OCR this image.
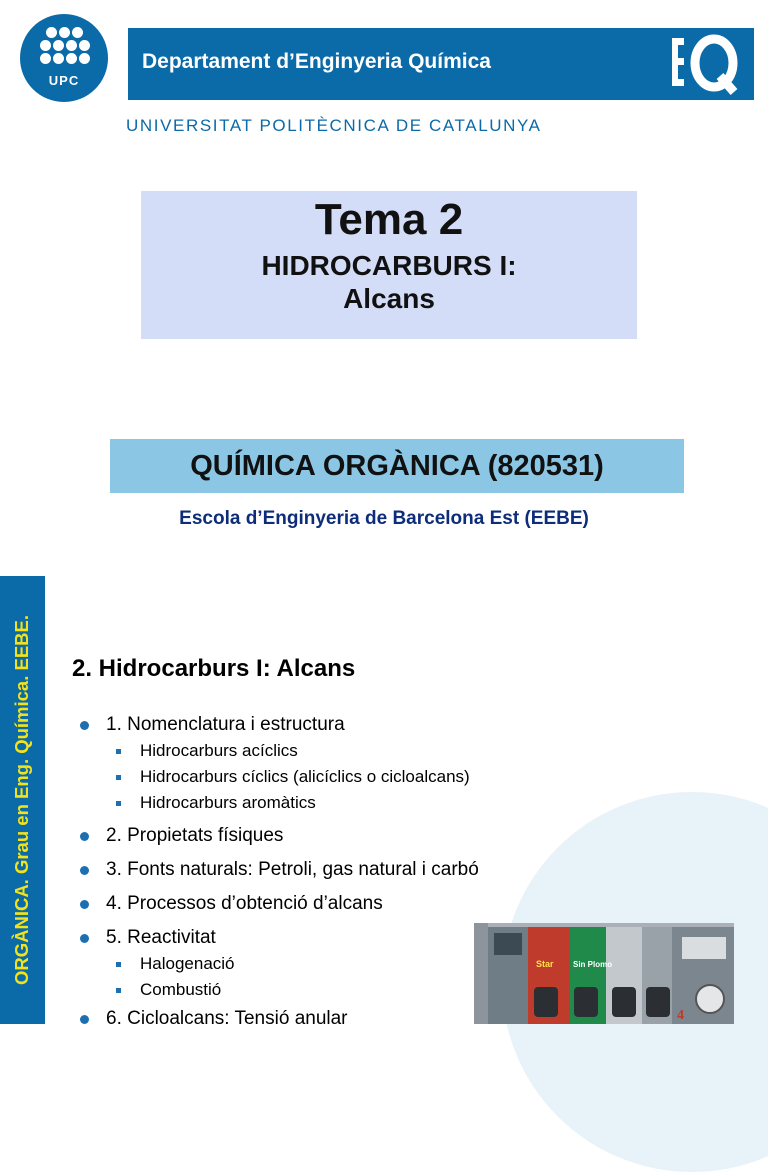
UPC
Departament d’Enginyeria Química
UNIVERSITAT POLITÈCNICA DE CATALUNYA
Tema 2
HIDROCARBURS I:
Alcans
QUÍMICA ORGÀNICA (820531)
Escola d’Enginyeria de Barcelona Est (EEBE)
ORGÀNICA. Grau en Eng. Química. EEBE. 2. Hidrocarburs I: Alcans
1. Nomenclatura i estructura
Hidrocarburs acíclics
Hidrocarburs cíclics (alicíclics o cicloalcans)
Hidrocarburs aromàtics
2. Propietats físiques
3. Fonts naturals: Petroli, gas natural i carbó
4. Processos d’obtenció d’alcans
5. Reactivitat
Halogenació
Combustió
6. Cicloalcans: Tensió anular
Star Sin Plomo
4
